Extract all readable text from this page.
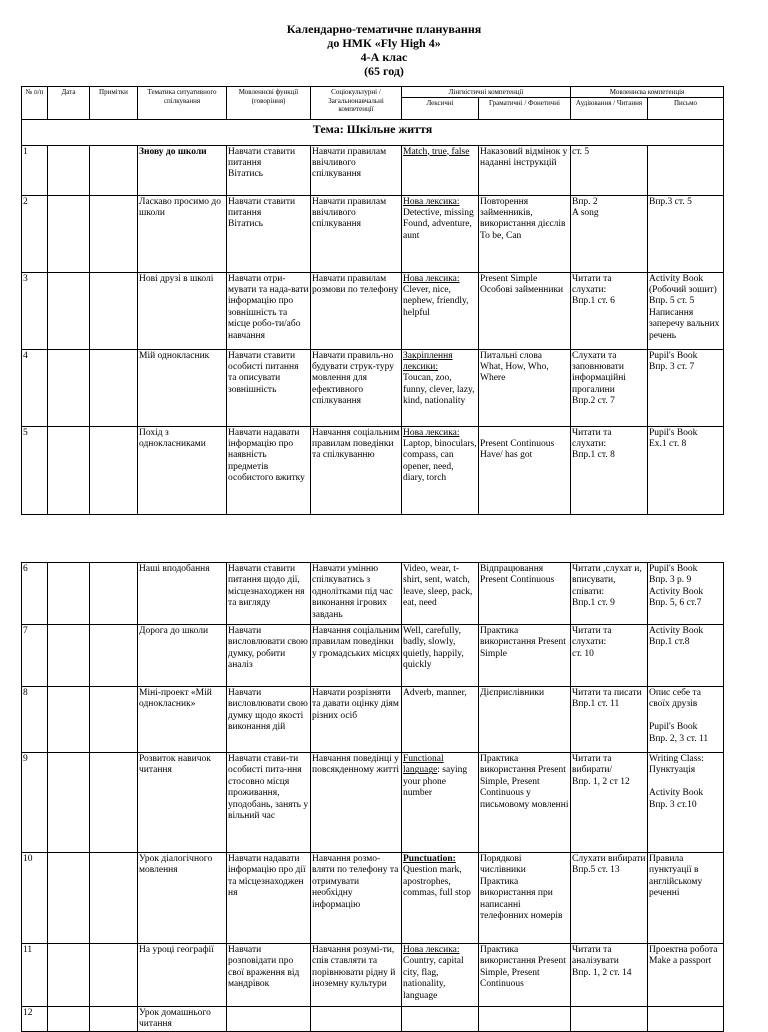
Календарно-тематичне планування
до НМК «Fly High 4»
4-А клас
(65 год)
№ п/п	Дата	Примітки	Тематика ситуативного спілкування	Мовленнєві функції (говоріння)	Соціокультурні / Загальнонавчальні компетенції	Лінгвістичні компетенції		Мовленнєва компетенція	
						Лексичні	Граматичні / Фонетичні	Аудіювання / Читання	Письмо
Тема: Шкільне життя									
1			Знову до школи	Навчати ставити питання
Вітатись	Навчати правилам ввічливого спілкування	Match, true, false	Наказовий відмінок у наданні інструкцій	ст. 5	
2			Ласкаво просимо до школи	Навчати ставити питання
Вітатись	Навчати правилам ввічливого спілкування	Нова лексика:
Detective, missing
Found, adventure, aunt	Повторення займенників, використання дієслів
To be, Can	Впр. 2
A song	Впр.3 ст. 5
3			Нові друзі в школі	Навчати отри-мувати та нада-вати інформацію про зовнішність та місце робо-ти/або навчання	Навчати правилам розмови по телефону	Нова лексика:
Clever, nice, nephew, friendly, helpful	Present Simple
Особові займенники	Читати та слухати:
Впр.1 ст. 6	Activity Book (Робочий зошит) Впр. 5 ст. 5 Написання заперечу вальних речень
4			Мій однокласник	Навчати ставити особисті питання та описувати зовнішність	Навчати правиль-но будувати струк-туру мовлення для ефективного спілкування	Закріплення лексики:
Toucan, zoo, funny, clever, lazy, kind, nationality	Питальні слова
What, How, Who, Where	Слухати та заповнювати інформаційні прогалини
Впр.2 ст. 7	Pupil's Book
Впр. 3 ст. 7
5			Похід з однокласниками	Навчати надавати інформацію про наявність предметів особистого вжитку	Навчання соціальним правилам поведінки та спілкуванню	Нова лексика:
Laptop, binoculars, compass, can opener, need, diary, torch	
Present Continuous
Have/ has got	Читати та слухати:
Впр.1 ст. 8	Pupil's Book
Ex.1 ст. 8
6			Наші вподобання	Навчати ставити питання щодо дії, місцезнаходжен ня та вигляду	Навчати умінню спілкуватись з однолітками під час виконання ігрових завдань	Video, wear, t-shirt, sent, watch, leave, sleep, pack, eat, need	Відпрацювання
Present Continuous	Читати ,слухат и, вписувати, співати:
Впр.1 ст. 9	Pupil's Book
Впр. 3 p. 9
Activity Book
Впр. 5, 6 ст.7
7			Дорога до школи	Навчати висловлювати свою думку, робити аналіз	Навчання соціальним правилам поведінки у громадських місцях	Well, carefully, badly, slowly, quietly, happily, quickly	Практика використання Present Simple	Читати та слухати:
ст. 10	Activity Book
Впр.1 ст.8
8			Міні-проект «Мій однокласник»	Навчати висловлювати свою думку щодо якості виконання дій	Навчати розрізняти та давати оцінку діям різних осіб	Adverb, manner,	Дієприслівники	Читати та писати
Впр.1 ст. 11	Опис себе та своїх друзів

Pupil's Book
Впр. 2, 3 ст. 11
9			Розвиток навичок читання	Навчати стави-ти особисті пита-ння стосовно місця проживання, уподобань, занять у вільний час	Навчання поведінці у повсякденному житті	Functional language: saying your phone number	Практика використання Present Simple, Present Continuous у письмовому мовленні	Читати та вибирати/
Впр. 1, 2 ст 12	Writing Class: Пунктуація

Activity Book
Впр. 3 ст.10
10			Урок діалогічного мовлення	Навчати надавати інформацію про дії та місцезнаходжен ня	Навчання розмо-вляти по телефону та отримувати необхідну інформацію	Punctuation:
Question mark, apostrophes, commas, full stop	Порядкові числівники
Практика використання при написанні телефонних номерів	Слухати вибирати
Впр.5 ст. 13	Правила пунктуації в англійському реченні
11			На уроці географії	Навчати розповідати про свої враження від мандрівок	Навчання розумі-ти, спів ставляти та порівнювати рідну й іноземну культури	Нова лексика:
Country, capital city, flag, nationality, language	Практика використання Present Simple, Present Continuous	Читати та аналізувати
Впр. 1, 2 ст. 14	Проектна робота
Make a passport
12			Урок домашнього читання						
